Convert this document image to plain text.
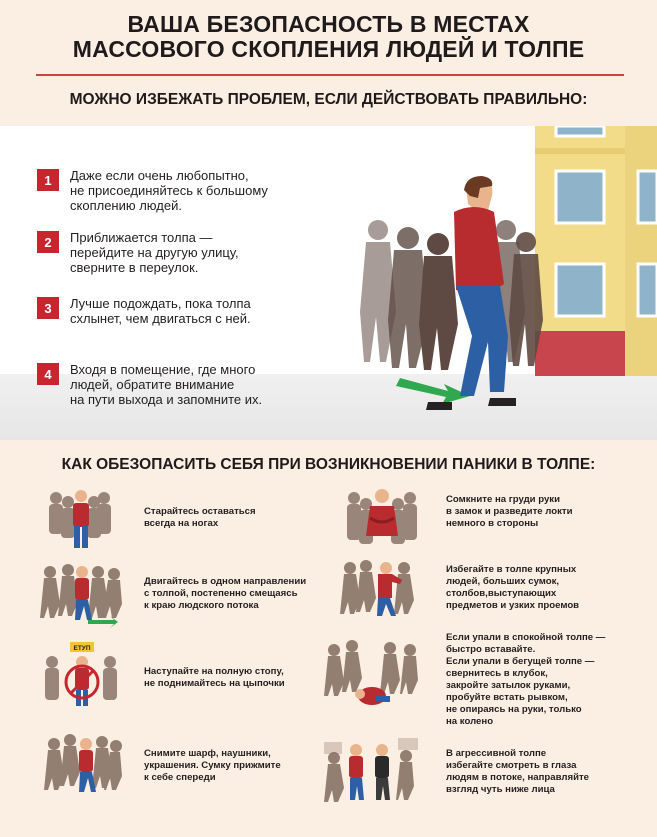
ВАША БЕЗОПАСНОСТЬ В МЕСТАХ
МАССОВОГО СКОПЛЕНИЯ ЛЮДЕЙ И ТОЛПЕ
МОЖНО ИЗБЕЖАТЬ ПРОБЛЕМ, ЕСЛИ ДЕЙСТВОВАТЬ ПРАВИЛЬНО:
1	Даже если очень любопытно,
не присоединяйтесь к большому
скоплению людей.
2	Приближается толпа —
перейдите на другую улицу,
сверните в переулок.
3	Лучше подождать, пока толпа
схлынет, чем двигаться с ней.
4	Входя в помещение, где много
людей, обратите внимание
на пути выхода и запомните их.
КАК ОБЕЗОПАСИТЬ СЕБЯ ПРИ ВОЗНИКНОВЕНИИ ПАНИКИ В ТОЛПЕ:
Старайтесь оставаться
всегда на ногах
Двигайтесь в одном направлении
с толпой, постепенно смещаясь
к краю людского потока
ЕТУП
Наступайте на полную стопу,
не поднимайтесь на цыпочки
Снимите шарф, наушники,
украшения. Сумку прижмите
к себе спереди
Сомкните на груди руки
в замок и разведите локти
немного в стороны
Избегайте в толпе крупных
людей, больших сумок,
столбов,выступающих
предметов и узких проемов
Если упали в спокойной толпе —
быстро вставайте.
Если упали в бегущей толпе —
свернитесь в клубок,
закройте затылок руками,
пробуйте встать рывком,
не опираясь на руки, только
на колено
В агрессивной толпе
избегайте смотреть в глаза
людям в потоке, направляйте
взгляд чуть ниже лица
